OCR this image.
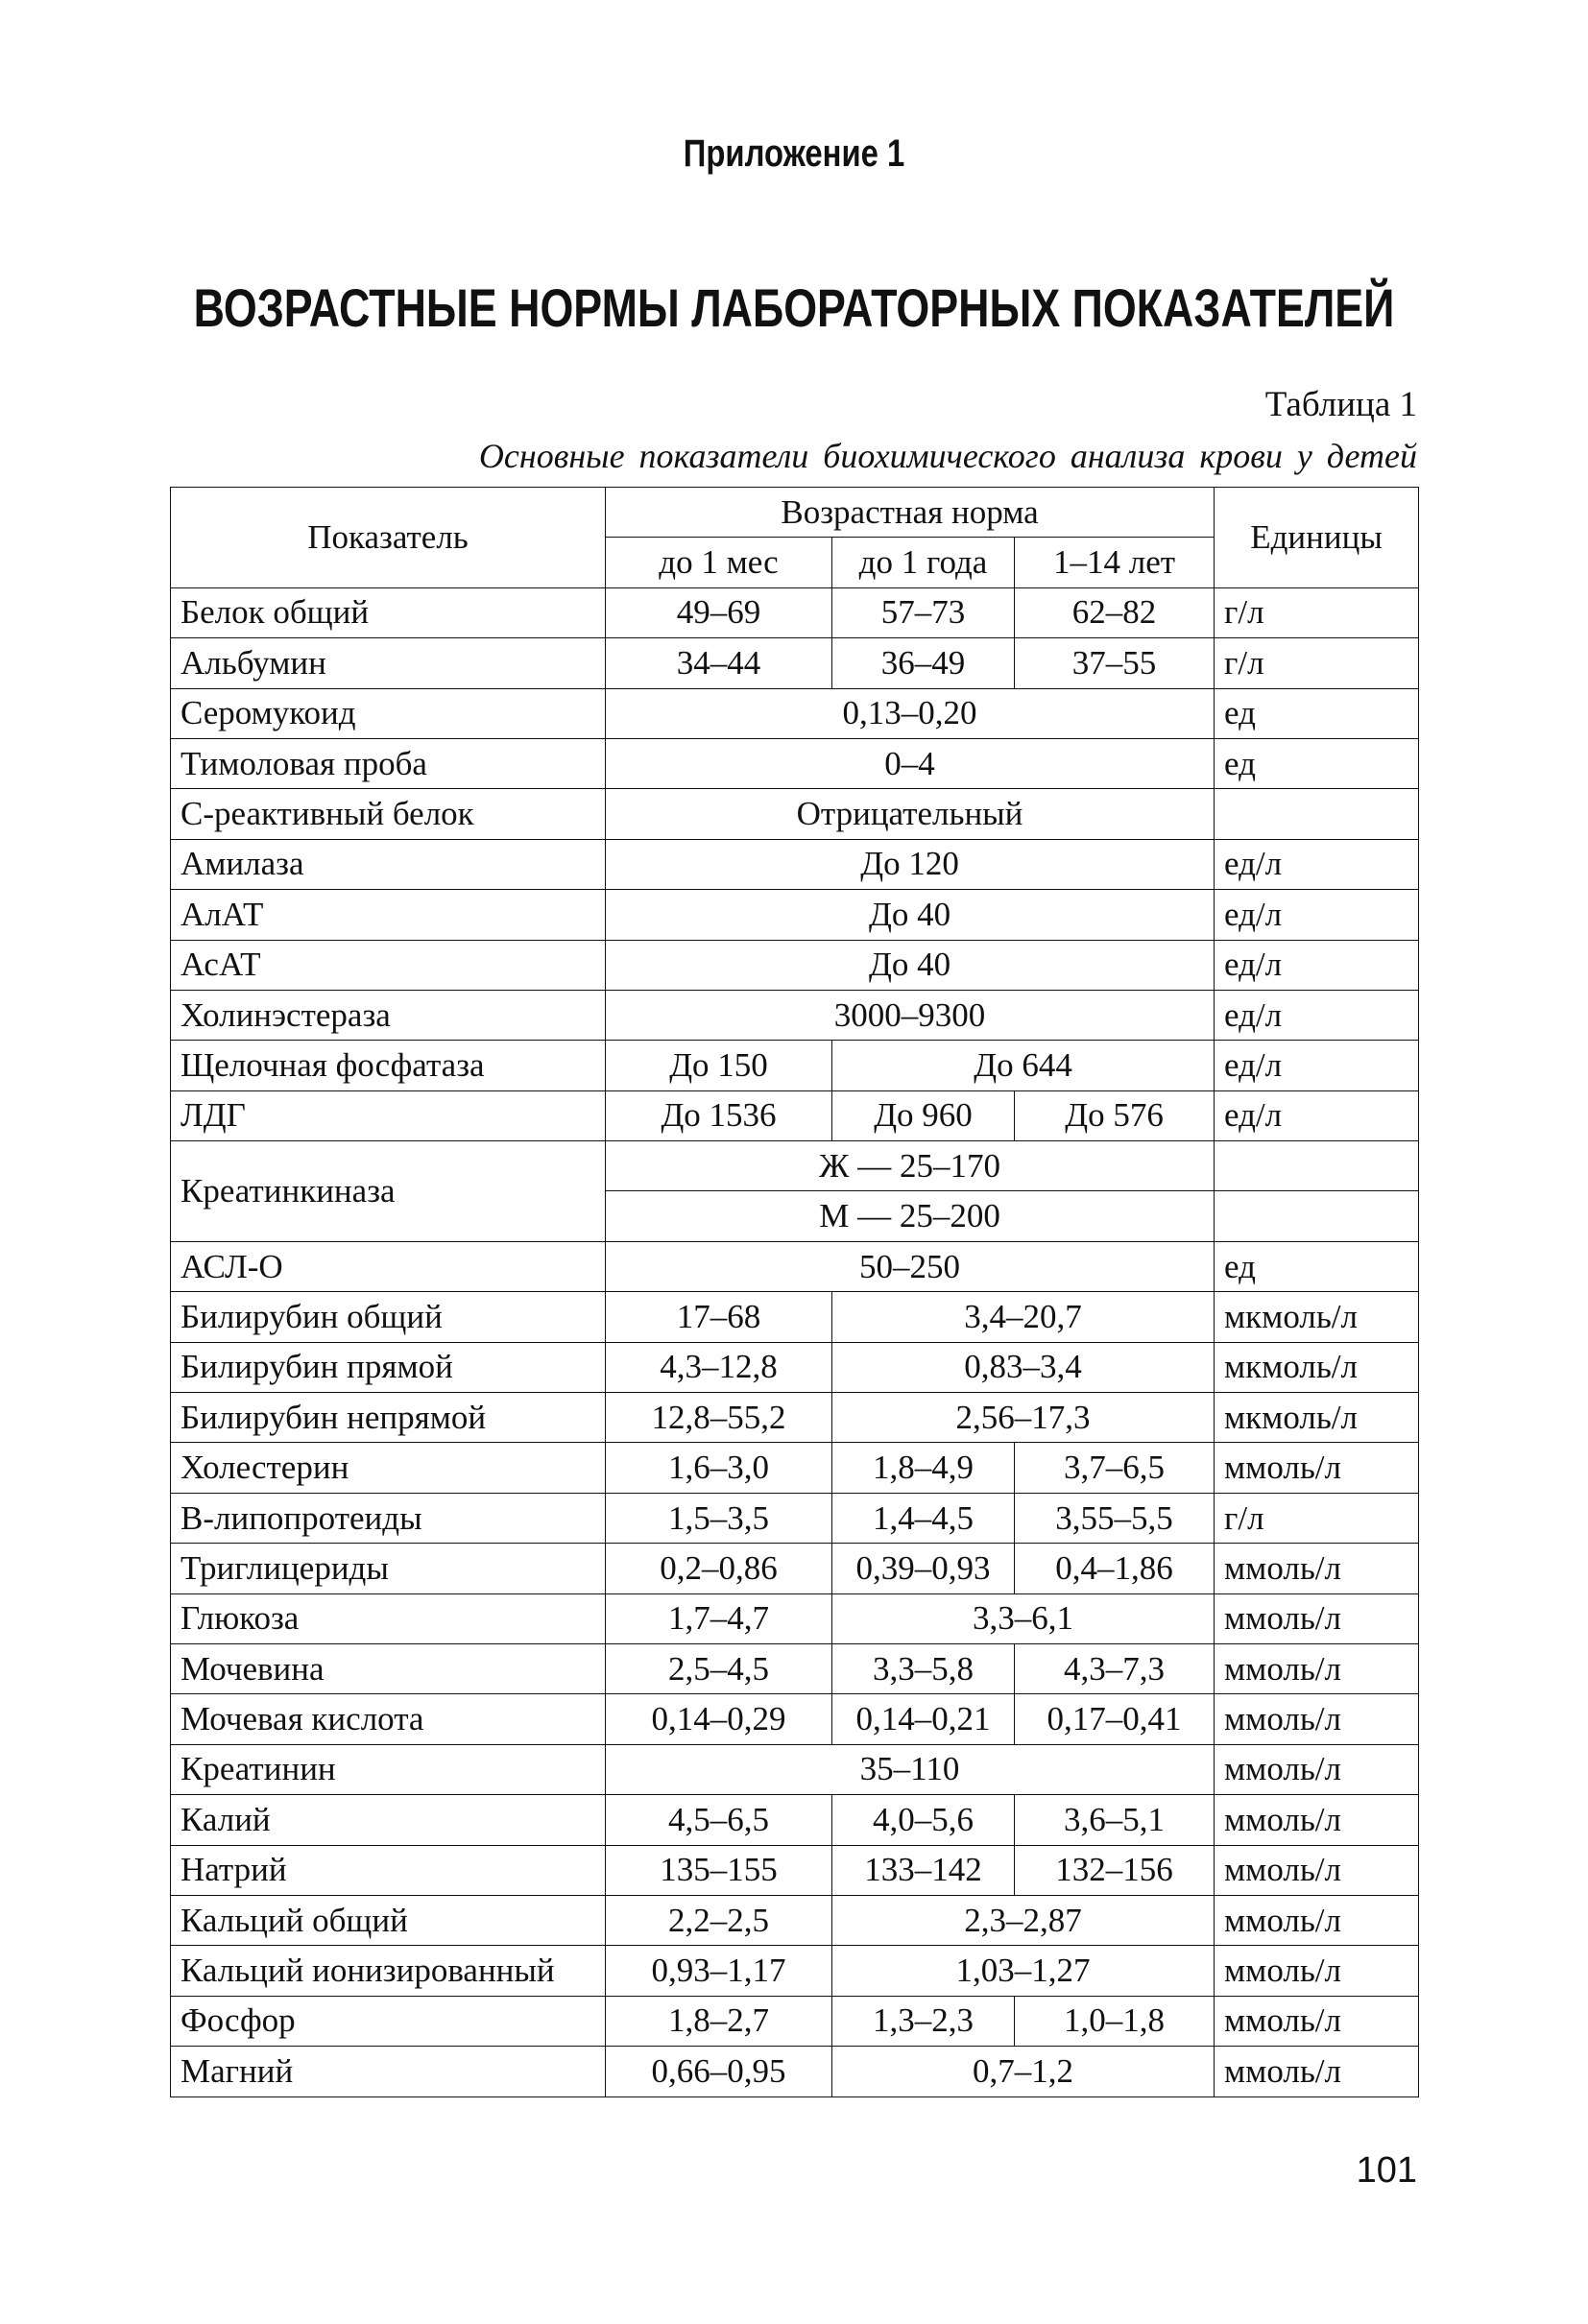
Приложение 1
ВОЗРАСТНЫЕ НОРМЫ ЛАБОРАТОРНЫХ ПОКАЗАТЕЛЕЙ
Таблица 1
Основные показатели биохимического анализа крови у детей
Показатель	Возрастная норма			Единицы
	до 1 мес	до 1 года	1–14 лет	
Белок общий	49–69	57–73	62–82	г/л
Альбумин	34–44	36–49	37–55	г/л
Серомукоид	0,13–0,20			ед
Тимоловая проба	0–4			ед
С-реактивный белок	Отрицательный			
Амилаза	До 120			ед/л
АлАТ	До 40			ед/л
АсАТ	До 40			ед/л
Холинэстераза	3000–9300			ед/л
Щелочная фосфатаза	До 150	До 644		ед/л
ЛДГ	До 1536	До 960	До 576	ед/л
Креатинкиназа	Ж — 25–170			
	М — 25–200			
АСЛ-О	50–250			ед
Билирубин общий	17–68	3,4–20,7		мкмоль/л
Билирубин прямой	4,3–12,8	0,83–3,4		мкмоль/л
Билирубин непрямой	12,8–55,2	2,56–17,3		мкмоль/л
Холестерин	1,6–3,0	1,8–4,9	3,7–6,5	ммоль/л
В-липопротеиды	1,5–3,5	1,4–4,5	3,55–5,5	г/л
Триглицериды	0,2–0,86	0,39–0,93	0,4–1,86	ммоль/л
Глюкоза	1,7–4,7	3,3–6,1		ммоль/л
Мочевина	2,5–4,5	3,3–5,8	4,3–7,3	ммоль/л
Мочевая кислота	0,14–0,29	0,14–0,21	0,17–0,41	ммоль/л
Креатинин	35–110			ммоль/л
Калий	4,5–6,5	4,0–5,6	3,6–5,1	ммоль/л
Натрий	135–155	133–142	132–156	ммоль/л
Кальций общий	2,2–2,5	2,3–2,87		ммоль/л
Кальций ионизированный	0,93–1,17	1,03–1,27		ммоль/л
Фосфор	1,8–2,7	1,3–2,3	1,0–1,8	ммоль/л
Магний	0,66–0,95	0,7–1,2		ммоль/л
101
